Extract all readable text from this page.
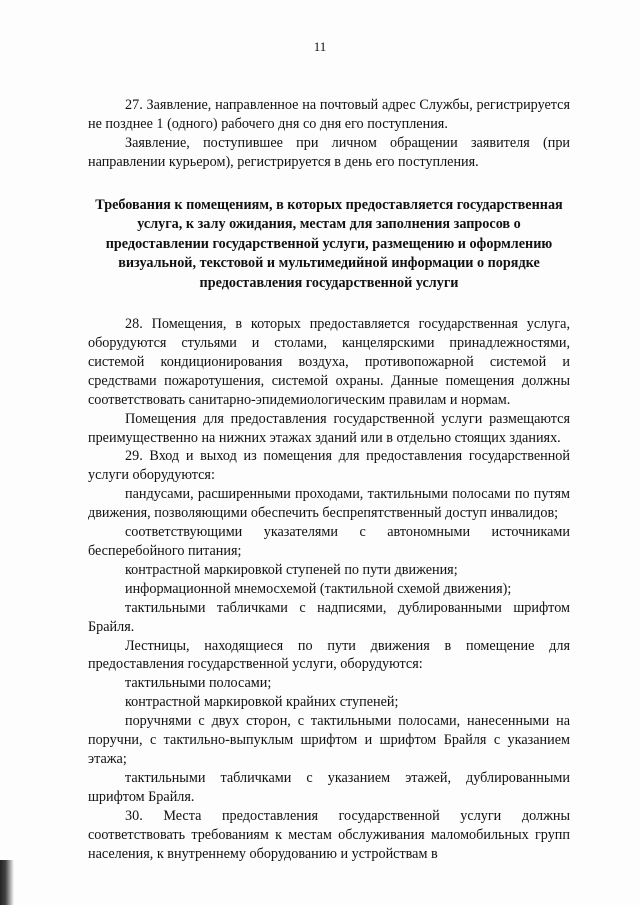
11

27. Заявление, направленное на почтовый адрес Службы, регистрируется не позднее 1 (одного) рабочего дня со дня его поступления.

Заявление, поступившее при личном обращении заявителя (при направлении курьером), регистрируется в день его поступления.

Требования к помещениям, в которых предоставляется государственная услуга, к залу ожидания, местам для заполнения запросов о предоставлении государственной услуги, размещению и оформлению визуальной, текстовой и мультимедийной информации о порядке предоставления государственной услуги

28. Помещения, в которых предоставляется государственная услуга, оборудуются стульями и столами, канцелярскими принадлежностями, системой кондиционирования воздуха, противопожарной системой и средствами пожаротушения, системой охраны. Данные помещения должны соответствовать санитарно-эпидемиологическим правилам и нормам.

Помещения для предоставления государственной услуги размещаются преимущественно на нижних этажах зданий или в отдельно стоящих зданиях.

29. Вход и выход из помещения для предоставления государственной услуги оборудуются:

пандусами, расширенными проходами, тактильными полосами по путям движения, позволяющими обеспечить беспрепятственный доступ инвалидов;

соответствующими указателями с автономными источниками бесперебойного питания;

контрастной маркировкой ступеней по пути движения;

информационной мнемосхемой (тактильной схемой движения);

тактильными табличками с надписями, дублированными шрифтом Брайля.

Лестницы, находящиеся по пути движения в помещение для предоставления государственной услуги, оборудуются:

тактильными полосами;

контрастной маркировкой крайних ступеней;

поручнями с двух сторон, с тактильными полосами, нанесенными на поручни, с тактильно-выпуклым шрифтом и шрифтом Брайля с указанием этажа;

тактильными табличками с указанием этажей, дублированными шрифтом Брайля.

30. Места предоставления государственной услуги должны соответствовать требованиям к местам обслуживания маломобильных групп населения, к внутреннему оборудованию и устройствам в
